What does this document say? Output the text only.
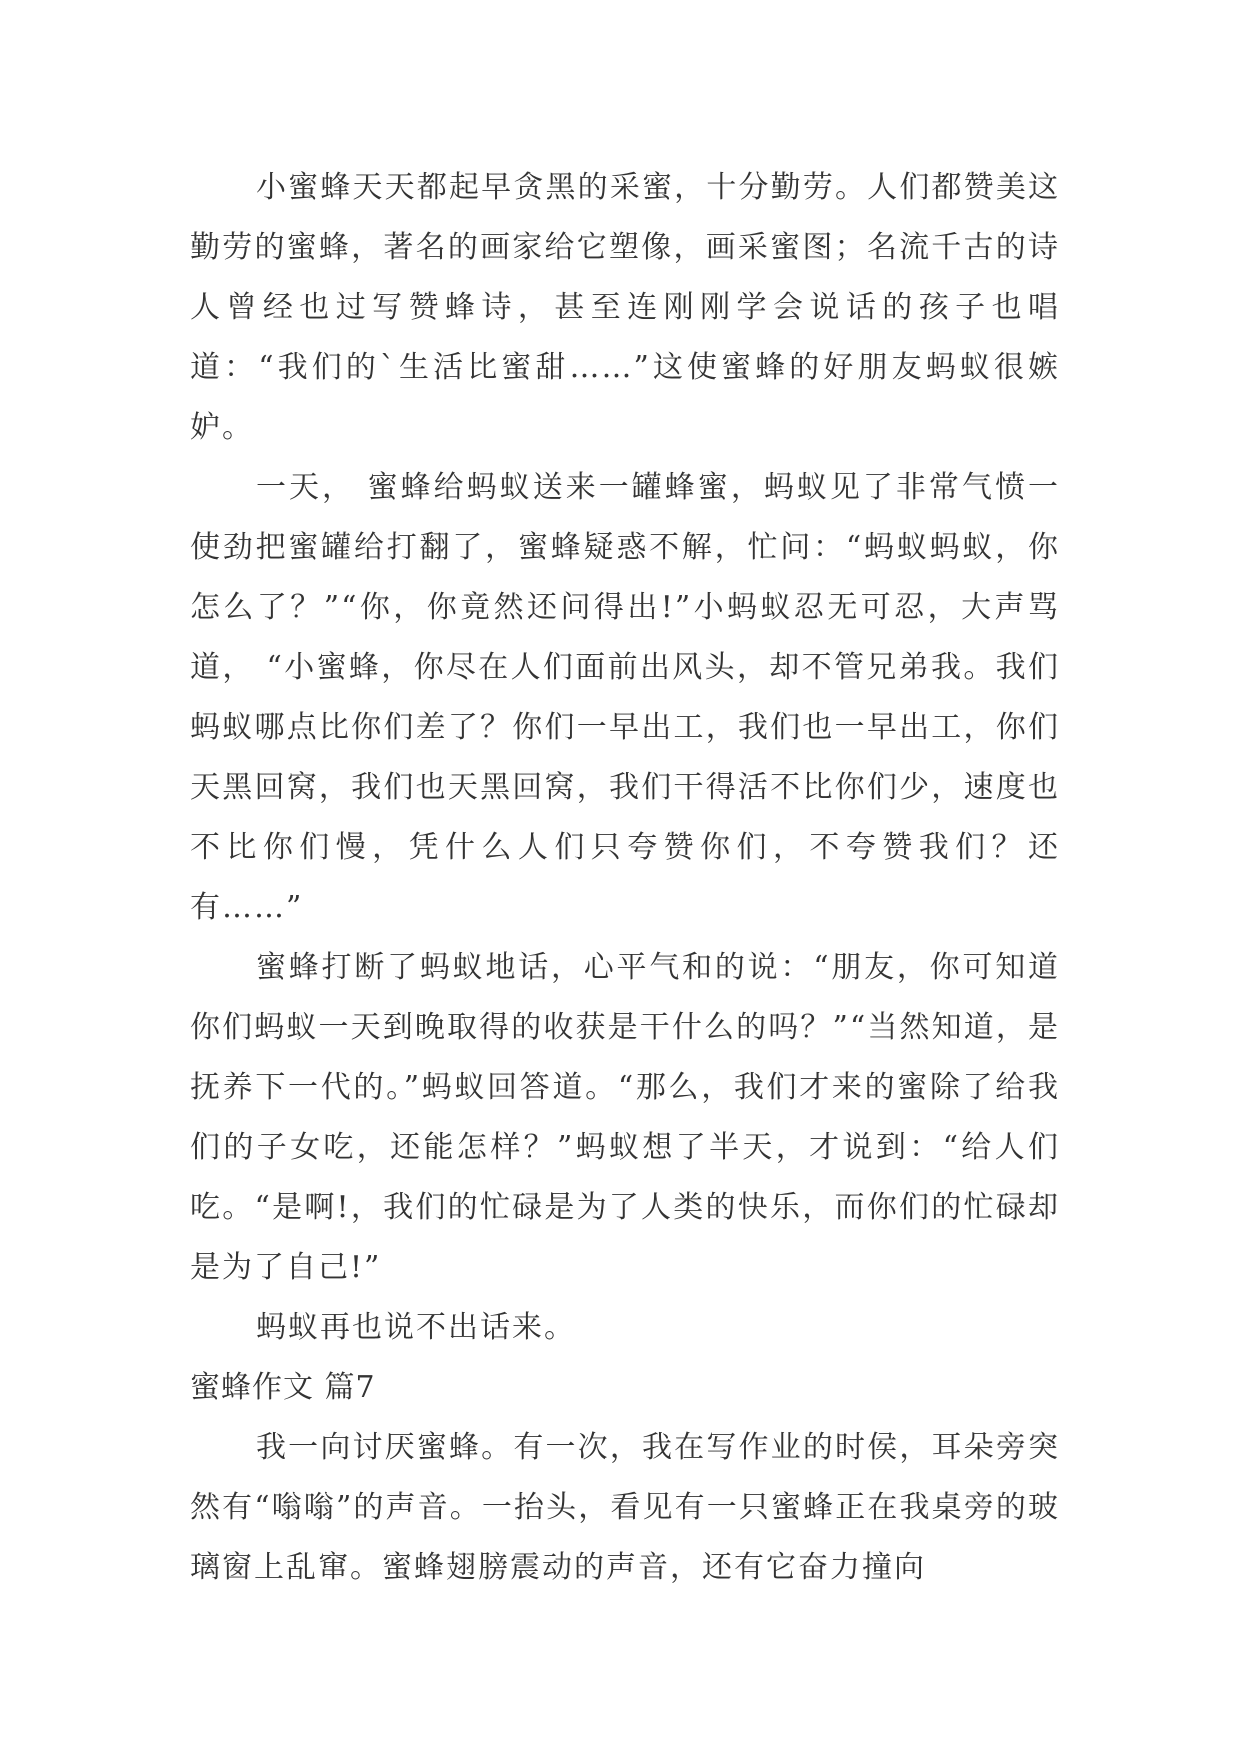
小蜜蜂天天都起早贪黑的采蜜，十分勤劳。人们都赞美这勤劳的蜜蜂，著名的画家给它塑像，画采蜜图；名流千古的诗人曾经也过写赞蜂诗，甚至连刚刚学会说话的孩子也唱道：“我们的`生活比蜜甜……”这使蜜蜂的好朋友蚂蚁很嫉妒。

一天， 蜜蜂给蚂蚁送来一罐蜂蜜，蚂蚁见了非常气愤一使劲把蜜罐给打翻了，蜜蜂疑惑不解，忙问：“蚂蚁蚂蚁，你怎么了？”“你，你竟然还问得出!”小蚂蚁忍无可忍，大声骂道， “小蜜蜂，你尽在人们面前出风头，却不管兄弟我。我们蚂蚁哪点比你们差了？你们一早出工，我们也一早出工，你们天黑回窝，我们也天黑回窝，我们干得活不比你们少，速度也不比你们慢，凭什么人们只夸赞你们，不夸赞我们？还有……”

蜜蜂打断了蚂蚁地话，心平气和的说：“朋友，你可知道你们蚂蚁一天到晚取得的收获是干什么的吗？”“当然知道，是抚养下一代的。”蚂蚁回答道。“那么，我们才来的蜜除了给我们的子女吃，还能怎样？”蚂蚁想了半天，才说到：“给人们吃。“是啊!，我们的忙碌是为了人类的快乐，而你们的忙碌却是为了自己!”

蚂蚁再也说不出话来。

蜜蜂作文 篇7

我一向讨厌蜜蜂。有一次，我在写作业的时侯，耳朵旁突然有“嗡嗡”的声音。一抬头，看见有一只蜜蜂正在我桌旁的玻璃窗上乱窜。蜜蜂翅膀震动的声音，还有它奋力撞向
